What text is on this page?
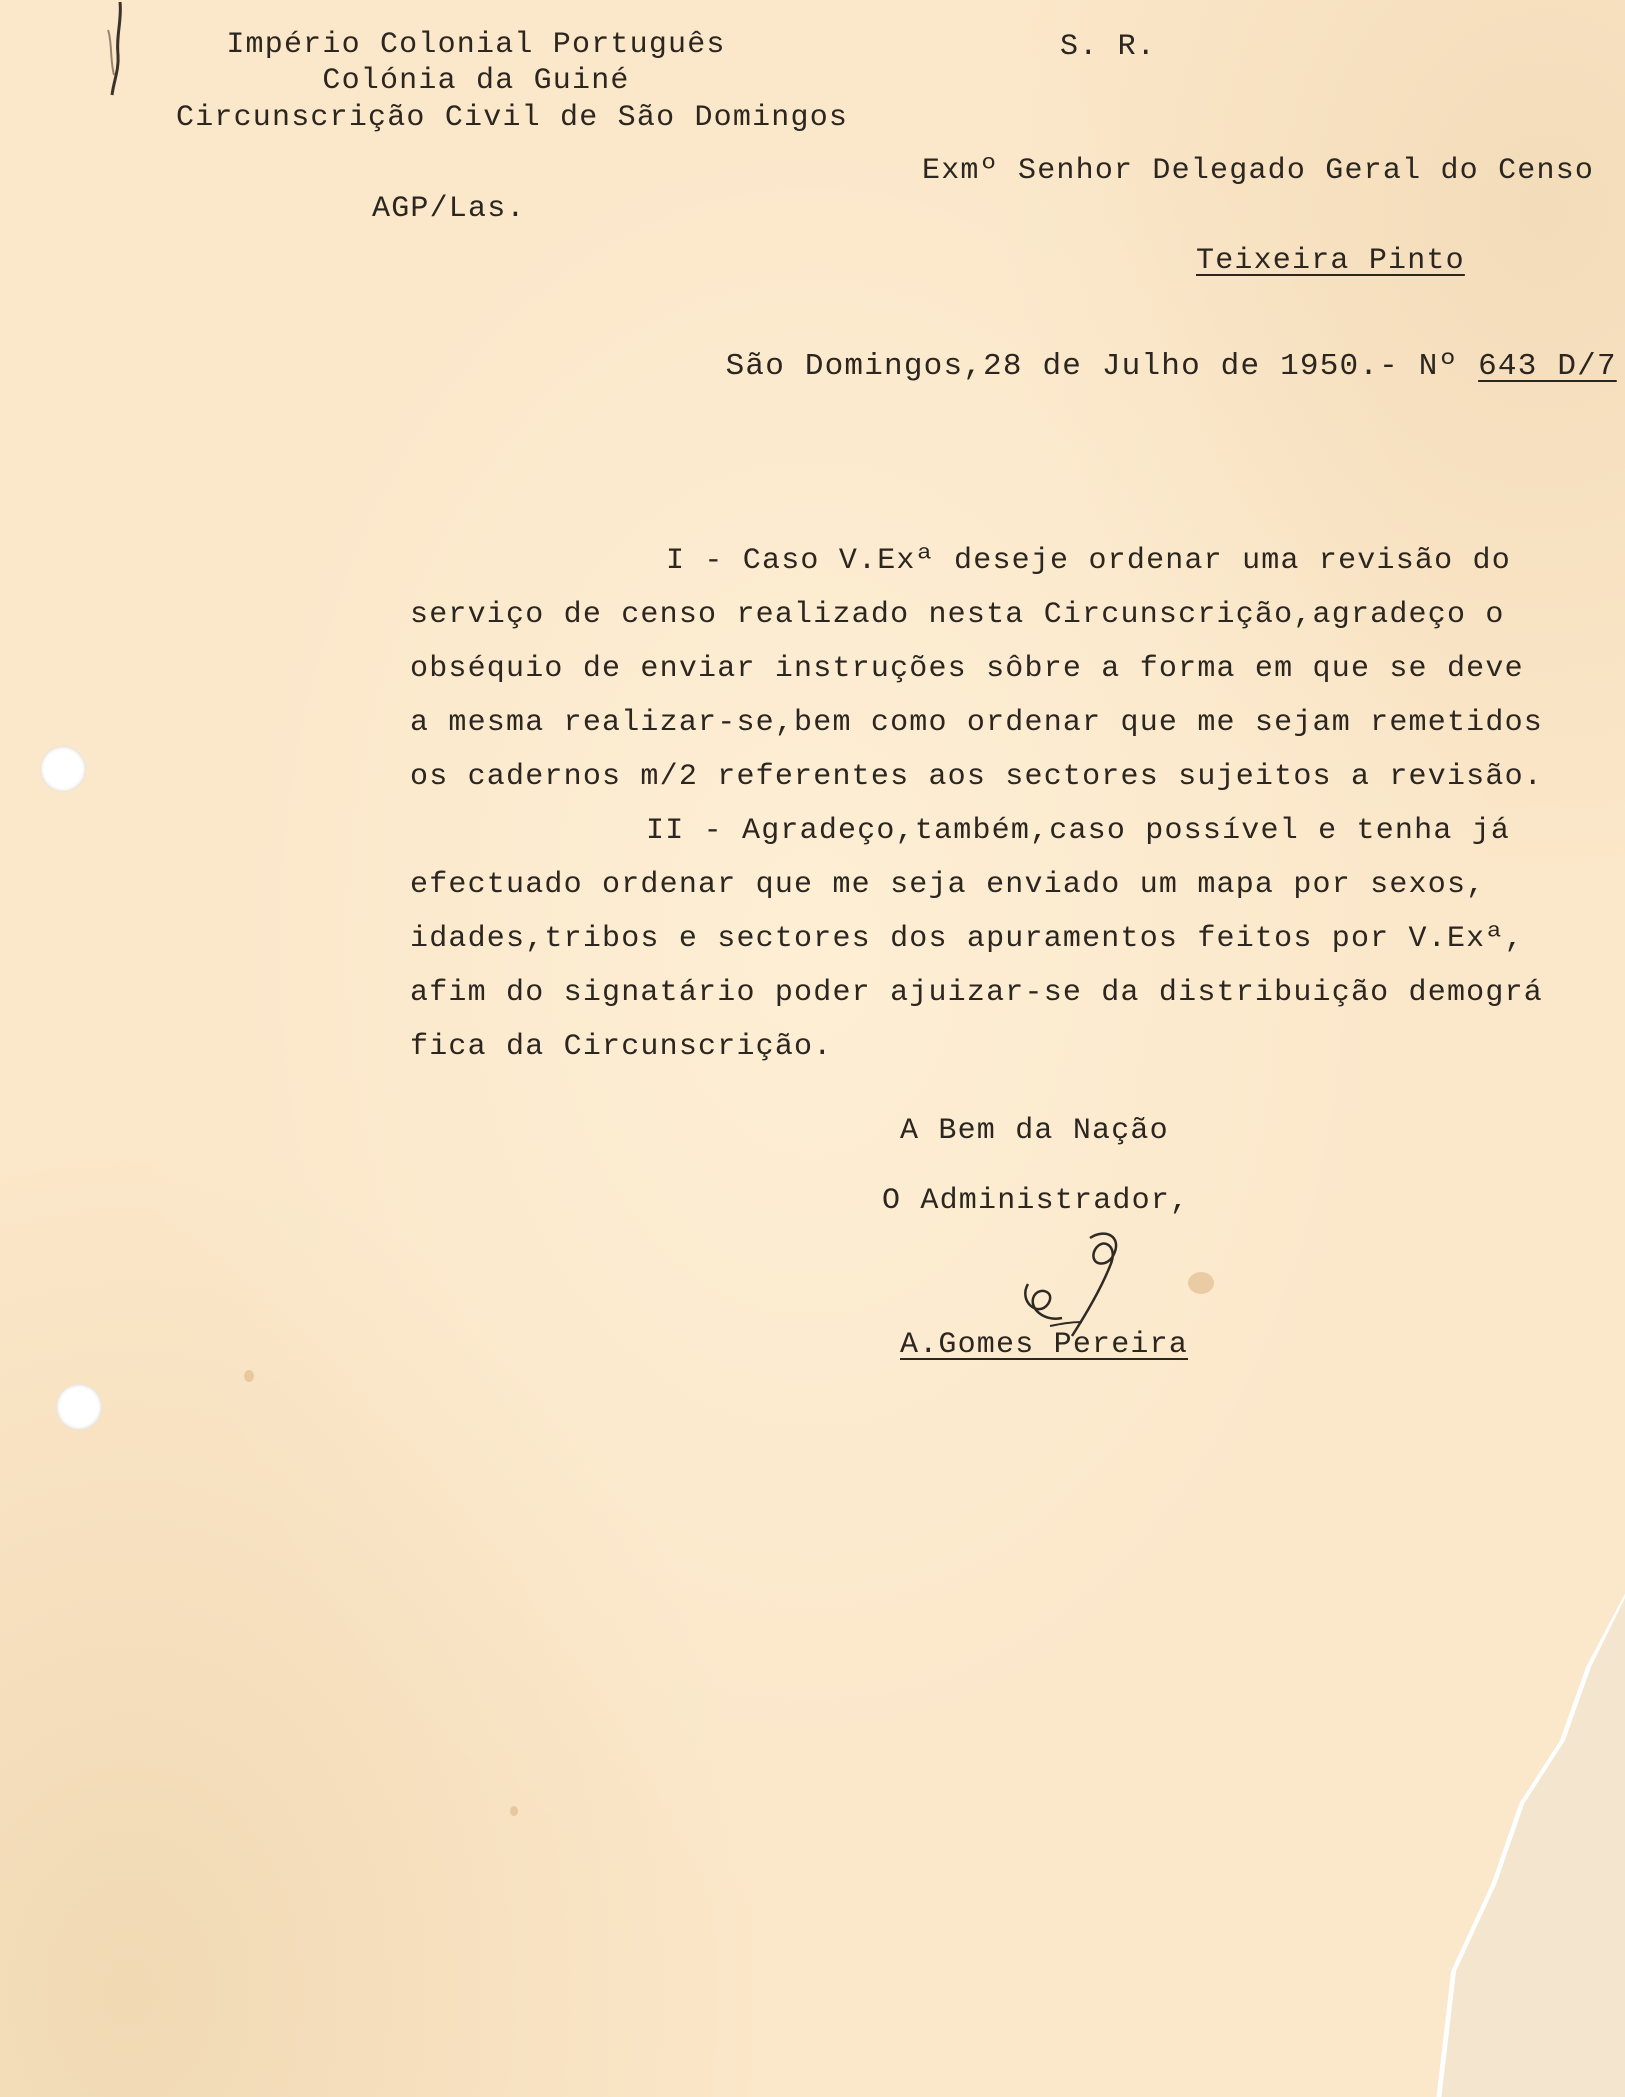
Império Colonial Português
Colónia da Guiné
Circunscrição Civil de São Domingos
S. R.
AGP/Las.
Exmº Senhor Delegado Geral do Censo
Teixeira Pinto

São Domingos,28 de Julho de 1950.- Nº 643 D/7

I - Caso V.Exª deseje ordenar uma revisão do
serviço de censo realizado nesta Circunscrição,agradeço o
obséquio de enviar instruções sôbre a forma em que se deve
a mesma realizar-se,bem como ordenar que me sejam remetidos
os cadernos m/2 referentes aos sectores sujeitos a revisão.
II - Agradeço,também,caso possível e tenha já
efectuado ordenar que me seja enviado um mapa por sexos,
idades,tribos e sectores dos apuramentos feitos por V.Exª,
afim do signatário poder ajuizar-se da distribuição demográ
fica da Circunscrição.
A Bem da Nação
O Administrador,
A.Gomes Pereira
